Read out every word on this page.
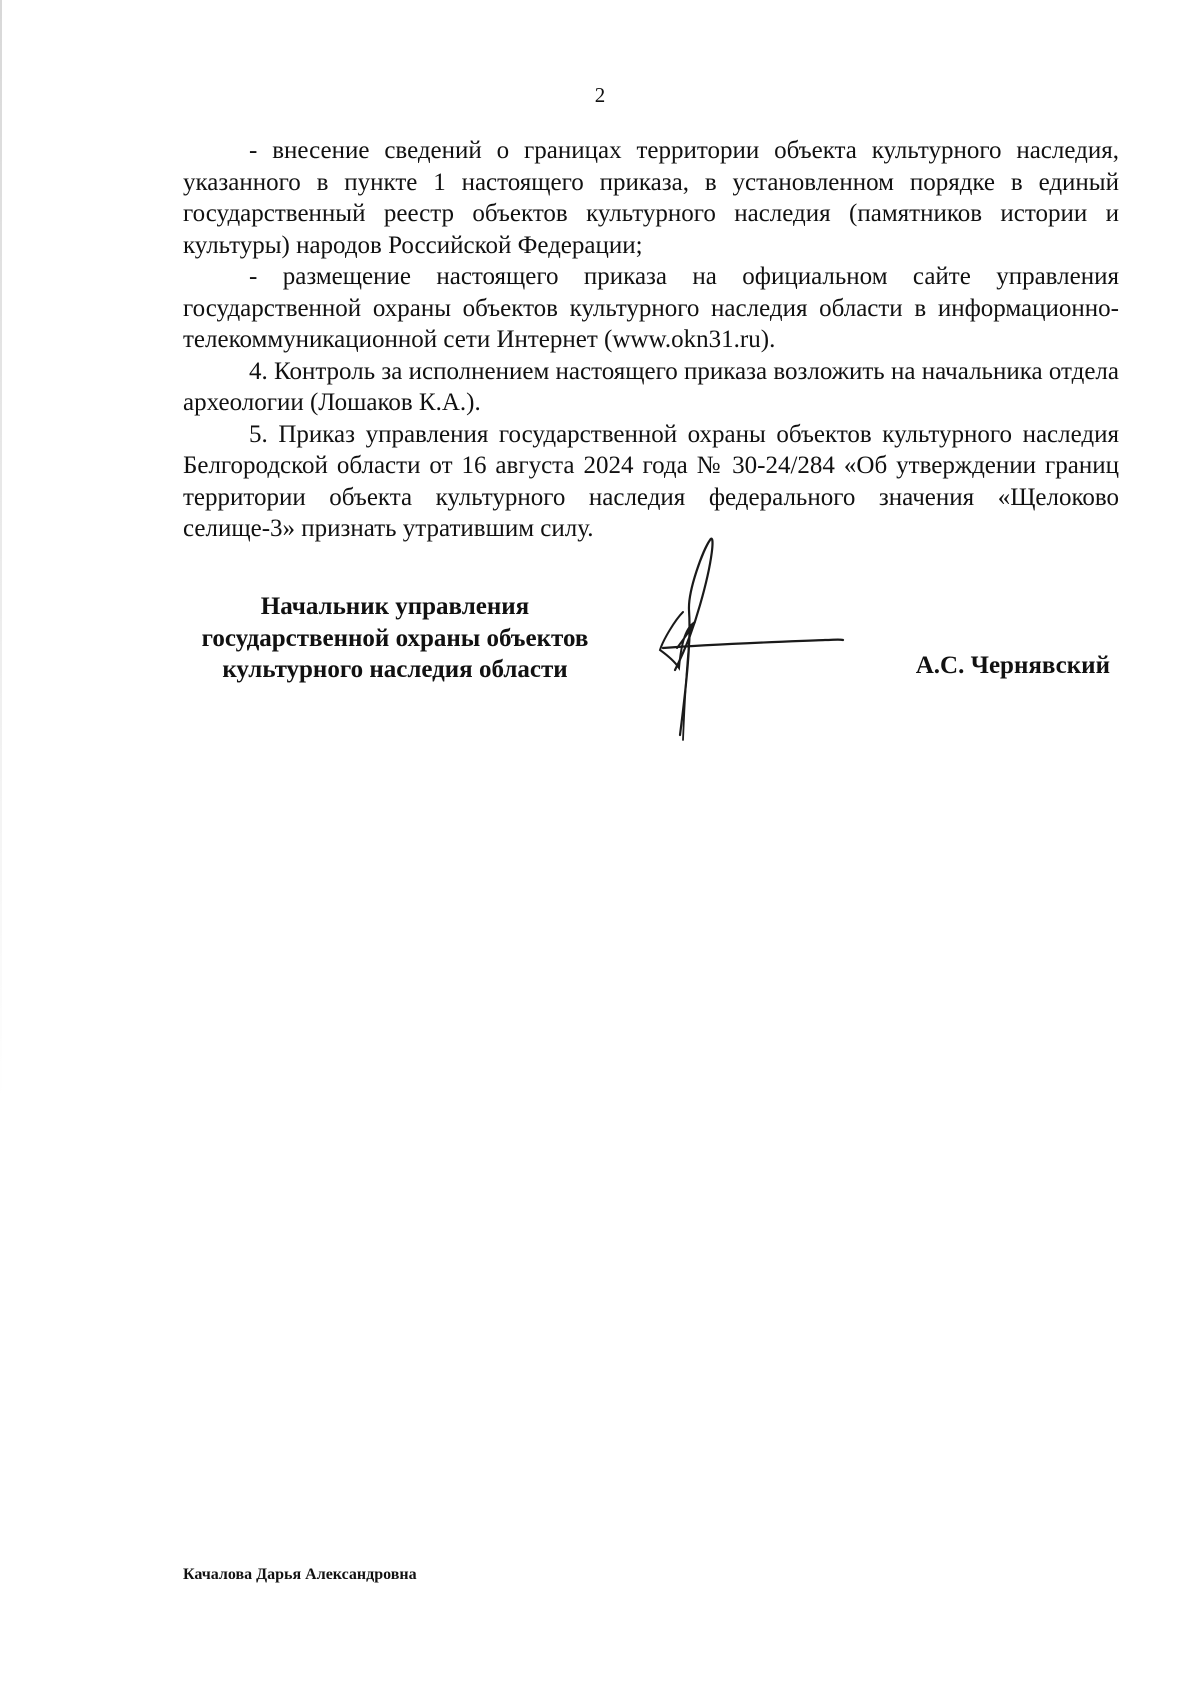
2

- внесение сведений о границах территории объекта культурного наследия, указанного в пункте 1 настоящего приказа, в установленном порядке в единый государственный реестр объектов культурного наследия (памятников истории и культуры) народов Российской Федерации;

- размещение настоящего приказа на официальном сайте управления государственной охраны объектов культурного наследия области в информационно-телекоммуникационной сети Интернет (www.okn31.ru).

4. Контроль за исполнением настоящего приказа возложить на начальника отдела археологии (Лошаков К.А.).

5. Приказ управления государственной охраны объектов культурного наследия Белгородской области от 16 августа 2024 года № 30-24/284 «Об утверждении границ территории объекта культурного наследия федерального значения «Щелоково селище-3» признать утратившим силу.

Начальник управления
государственной охраны объектов
культурного наследия области	А.С. Чернявский
Качалова Дарья Александровна
